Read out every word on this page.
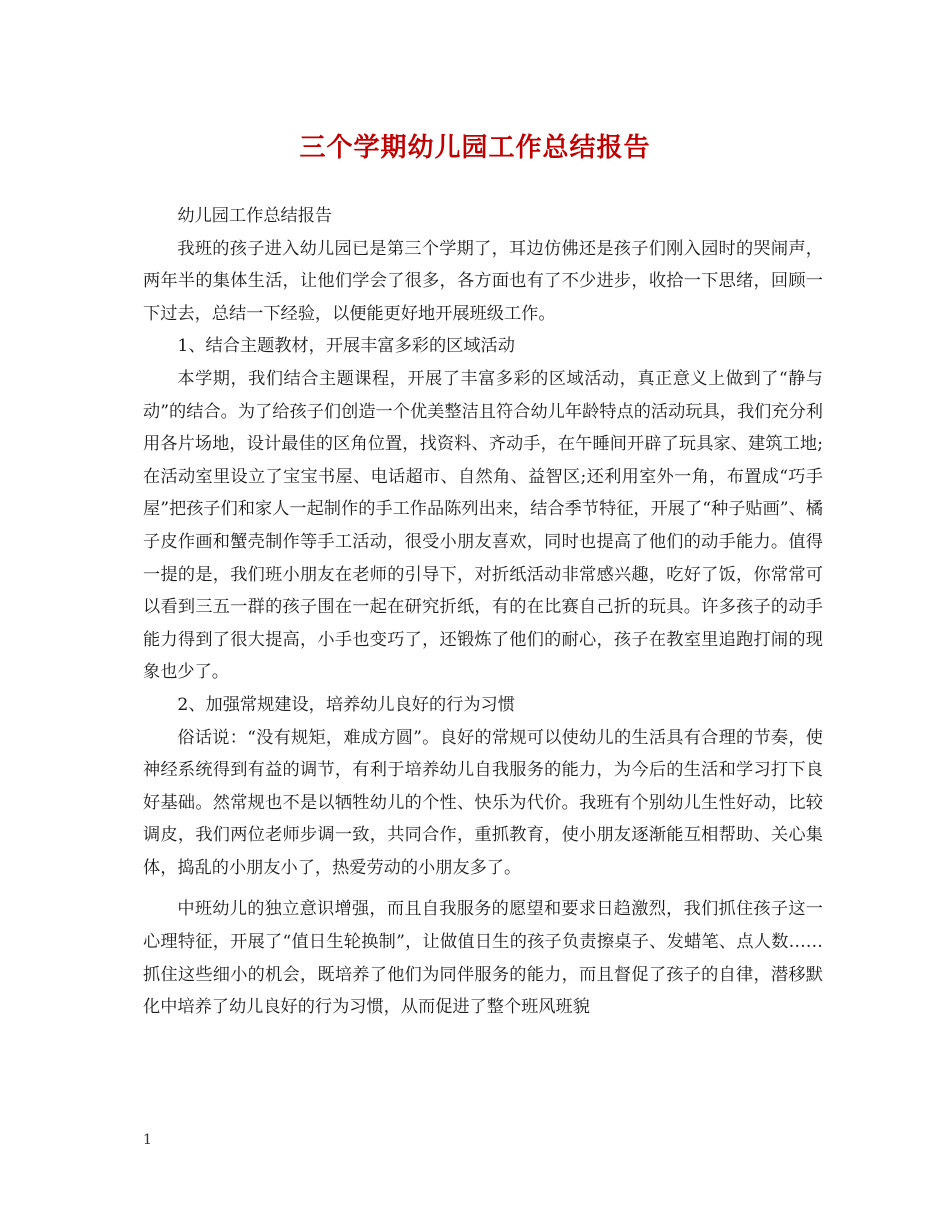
三个学期幼儿园工作总结报告

幼儿园工作总结报告

我班的孩子进入幼儿园已是第三个学期了，耳边仿佛还是孩子们刚入园时的哭闹声，两年半的集体生活，让他们学会了很多，各方面也有了不少进步，收拾一下思绪，回顾一下过去，总结一下经验，以便能更好地开展班级工作。

1、结合主题教材，开展丰富多彩的区域活动

本学期，我们结合主题课程，开展了丰富多彩的区域活动，真正意义上做到了“静与动”的结合。为了给孩子们创造一个优美整洁且符合幼儿年龄特点的活动玩具，我们充分利用各片场地，设计最佳的区角位置，找资料、齐动手，在午睡间开辟了玩具家、建筑工地;在活动室里设立了宝宝书屋、电话超市、自然角、益智区;还利用室外一角，布置成“巧手屋”把孩子们和家人一起制作的手工作品陈列出来，结合季节特征，开展了“种子贴画”、橘子皮作画和蟹壳制作等手工活动，很受小朋友喜欢，同时也提高了他们的动手能力。值得一提的是，我们班小朋友在老师的引导下，对折纸活动非常感兴趣，吃好了饭，你常常可以看到三五一群的孩子围在一起在研究折纸，有的在比赛自己折的玩具。许多孩子的动手能力得到了很大提高，小手也变巧了，还锻炼了他们的耐心，孩子在教室里追跑打闹的现象也少了。

2、加强常规建设，培养幼儿良好的行为习惯

俗话说：“没有规矩，难成方圆”。良好的常规可以使幼儿的生活具有合理的节奏，使神经系统得到有益的调节，有利于培养幼儿自我服务的能力，为今后的生活和学习打下良好基础。然常规也不是以牺牲幼儿的个性、快乐为代价。我班有个别幼儿生性好动，比较调皮，我们两位老师步调一致，共同合作，重抓教育，使小朋友逐渐能互相帮助、关心集体，捣乱的小朋友小了，热爱劳动的小朋友多了。

中班幼儿的独立意识增强，而且自我服务的愿望和要求日趋激烈，我们抓住孩子这一心理特征，开展了“值日生轮换制”，让做值日生的孩子负责擦桌子、发蜡笔、点人数……抓住这些细小的机会，既培养了他们为同伴服务的能力，而且督促了孩子的自律，潜移默化中培养了幼儿良好的行为习惯，从而促进了整个班风班貌

1
